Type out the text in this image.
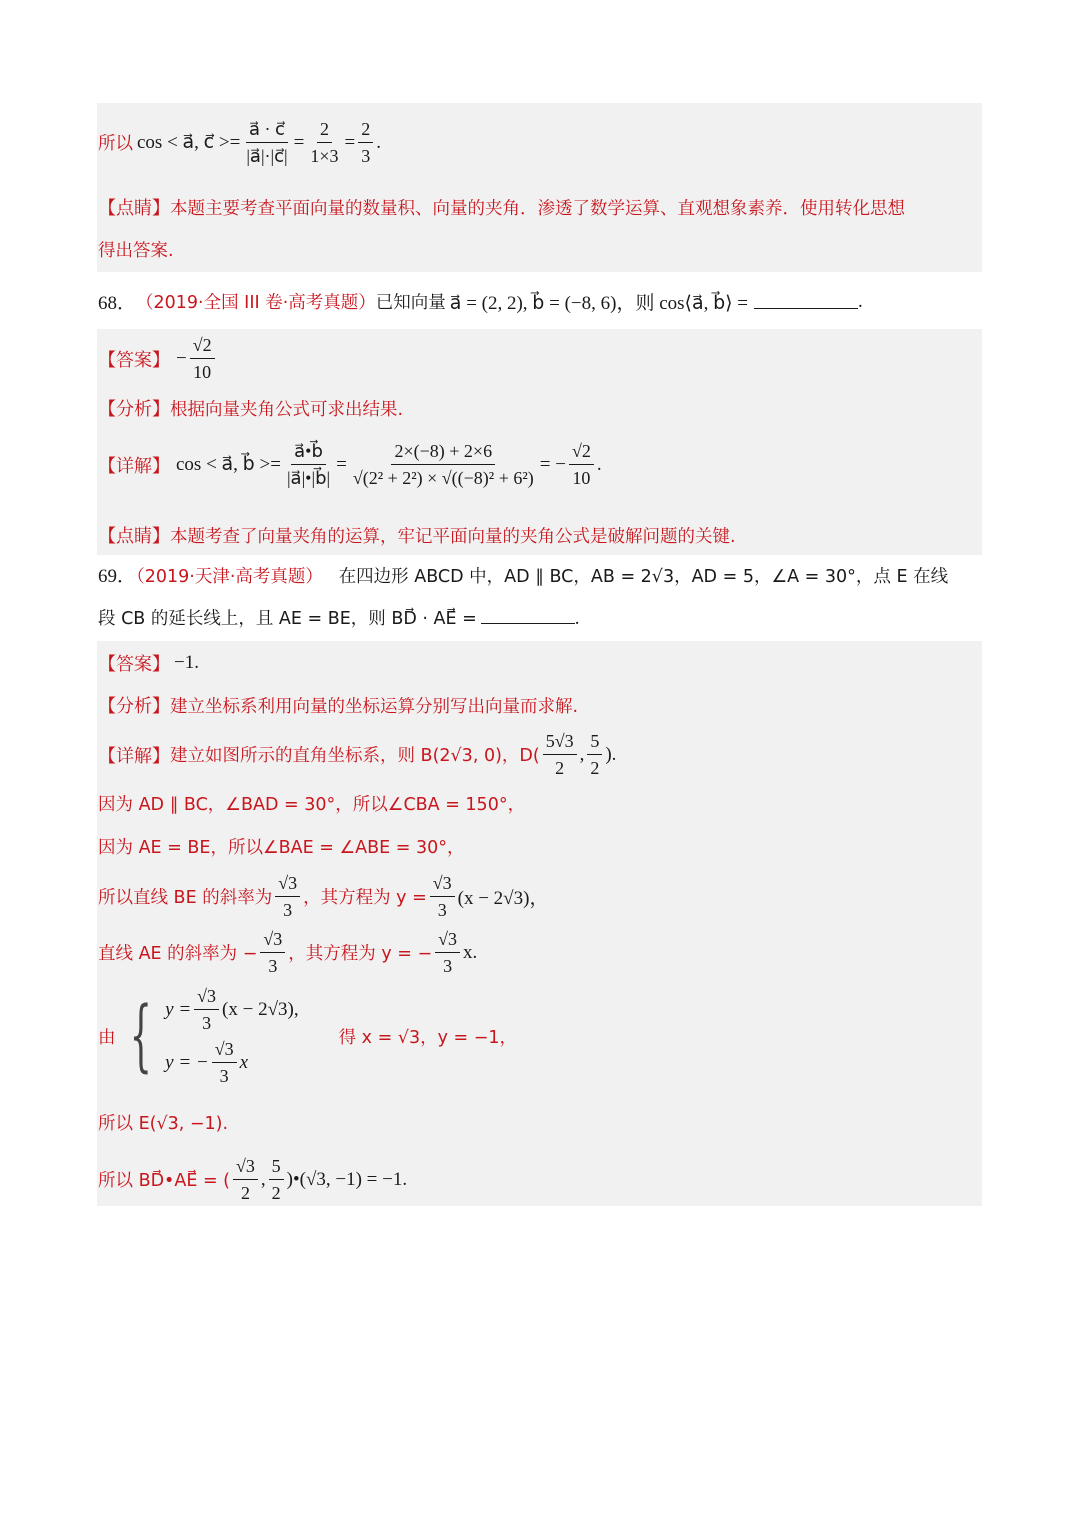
所以 cos < a⃗, c⃗ >= $\frac{a⃗ \cdot c⃗}{|a⃗|\cdot|c⃗|} = \frac{2}{1\times 3} = \frac{2}{3}$ .
【点睛】本题主要考查平面向量的数量积、向量的夹角．渗透了数学运算、直观想象素养．使用转化思想
得出答案.
68． （2019·全国 III 卷·高考真题） 已知向量 a⃗ = (2, 2), b⃗ = (−8, 6)，则 cos⟨a⃗, b⃗⟩ =	.
【答案】 − $\frac{√2}{10}$
【分析】 根据向量夹角公式可求出结果.
【详解】 cos < a⃗, b⃗ >= $\frac{a⃗•b⃗}{|a⃗|•|b⃗|} = \frac{2\times(-8) + 2\times 6}{\text{√(2² + 2²) × √((−8)² + 6²)}}$ = − $\frac{√2}{10}$ .
【点睛】 本题考查了向量夹角的运算，牢记平面向量的夹角公式是破解问题的关键.
69．（2019·天津·高考真题） 在四边形 ABCD 中，AD ∥ BC，AB = 2√3，AD = 5，∠A = 30°，点 E 在线
段 CB 的延长线上，且 AE = BE，则 BD⃗ · AE⃗ =	.
【答案】 −1.
【分析】 建立坐标系利用向量的坐标运算分别写出向量而求解.
【详解】 建立如图所示的直角坐标系，则 B(2√3, 0)，$D( \frac{5√3}{2}$ , $\frac{5}{2}$ ).
因为 AD ∥ BC，∠BAD = 30°，所以∠CBA = 150°，
因为 AE = BE，所以∠BAE = ∠ABE = 30°，
所以直线 BE 的斜率为 $\frac{√3}{3}$ ，其方程为 $y = \frac{√3}{3} (x - 2√3)$，
直线 AE 的斜率为 − $\frac{√3}{3}$ ，其方程为 y = − $\frac{√3}{3} x$.
由 { $y = \frac{√3}{3} (x - 2√3)$,
y = − $\frac{√3}{3}$ x
得 x = √3，y = −1，
所以 E(√3, −1).
所以 BD⃗•AE⃗ = ( $\frac{√3}{2}$ , $\frac{5}{2}$ )•(√3, −1) = −1.
